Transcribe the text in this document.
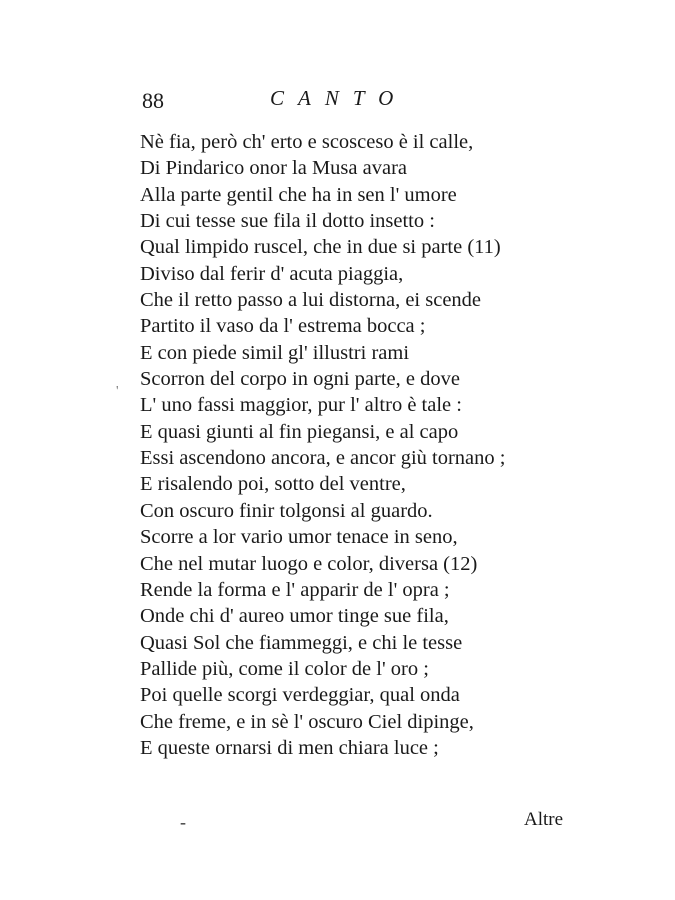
88	CANTO
Nè fia, però ch' erto e scosceso è il calle,
Di Pindarico onor la Musa avara
Alla parte gentil che ha in sen l' umore
Di cui tesse sue fila il dotto insetto :
Qual limpido ruscel, che in due si parte (11)
Diviso dal ferir d' acuta piaggia,
Che il retto passo a lui distorna, ei scende
Partito il vaso da l' estrema bocca ;
E con piede simil gl' illustri rami
Scorron del corpo in ogni parte, e dove
L' uno fassi maggior, pur l' altro è tale :
E quasi giunti al fin piegansi, e al capo
Essi ascendono ancora, e ancor giù tornano ;
E risalendo poi, sotto del ventre,
Con oscuro finir tolgonsi al guardo.
Scorre a lor vario umor tenace in seno,
Che nel mutar luogo e color, diversa (12)
Rende la forma e l' apparir de l' opra ;
Onde chi d' aureo umor tinge sue fila,
Quasi Sol che fiammeggi, e chi le tesse
Pallide più, come il color de l' oro ;
Poi quelle scorgi verdeggiar, qual onda
Che freme, e in sè l' oscuro Ciel dipinge,
E queste ornarsi di men chiara luce ;
'
-	Altre
